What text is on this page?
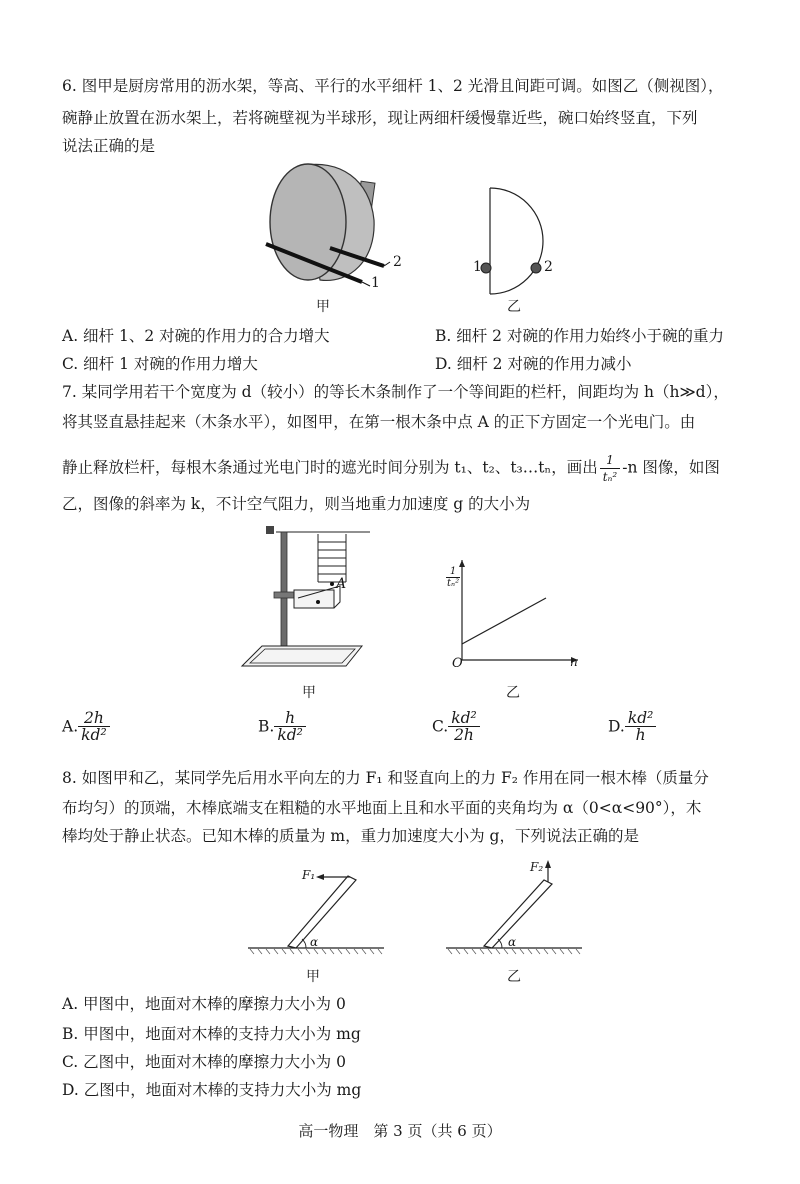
6. 图甲是厨房常用的沥水架，等高、平行的水平细杆 1、2 光滑且间距可调。如图乙（侧视图），
碗静止放置在沥水架上，若将碗壁视为半球形，现让两细杆缓慢靠近些，碗口始终竖直，下列
说法正确的是
1
2
甲
1	2
乙
A. 细杆 1、2 对碗的作用力的合力增大	B. 细杆 2 对碗的作用力始终小于碗的重力
C. 细杆 1 对碗的作用力增大	D. 细杆 2 对碗的作用力减小
7. 某同学用若干个宽度为 d（较小）的等长木条制作了一个等间距的栏杆，间距均为 h（h≫d），
将其竖直悬挂起来（木条水平），如图甲，在第一根木条中点 A 的正下方固定一个光电门。由
静止释放栏杆，每根木条通过光电门时的遮光时间分别为 t₁、t₂、t₃…tₙ，画出 $\frac{1}{\text{tₙ²}} -n$ 图像，如图
乙，图像的斜率为 k，不计空气阻力，则当地重力加速度 g 的大小为
A
甲
$\frac{1}{\text{tₙ²}}$
O	n
乙
A. $\frac{2h}{\text{kd²}}$	B. $\frac{h}{\text{kd²}}$	C. $\frac{\text{kd²}}{2h}$	D. $\frac{\text{kd²}}{h}$
8. 如图甲和乙，某同学先后用水平向左的力 F₁ 和竖直向上的力 F₂ 作用在同一根木棒（质量分
布均匀）的顶端，木棒底端支在粗糙的水平地面上且和水平面的夹角均为 α（0<α<90°），木
棒均处于静止状态。已知木棒的质量为 m，重力加速度大小为 g，下列说法正确的是
F₁
α
甲
F₂
α
乙
A. 甲图中，地面对木棒的摩擦力大小为 0
B. 甲图中，地面对木棒的支持力大小为 mg
C. 乙图中，地面对木棒的摩擦力大小为 0
D. 乙图中，地面对木棒的支持力大小为 mg
高一物理　第 3 页（共 6 页）
